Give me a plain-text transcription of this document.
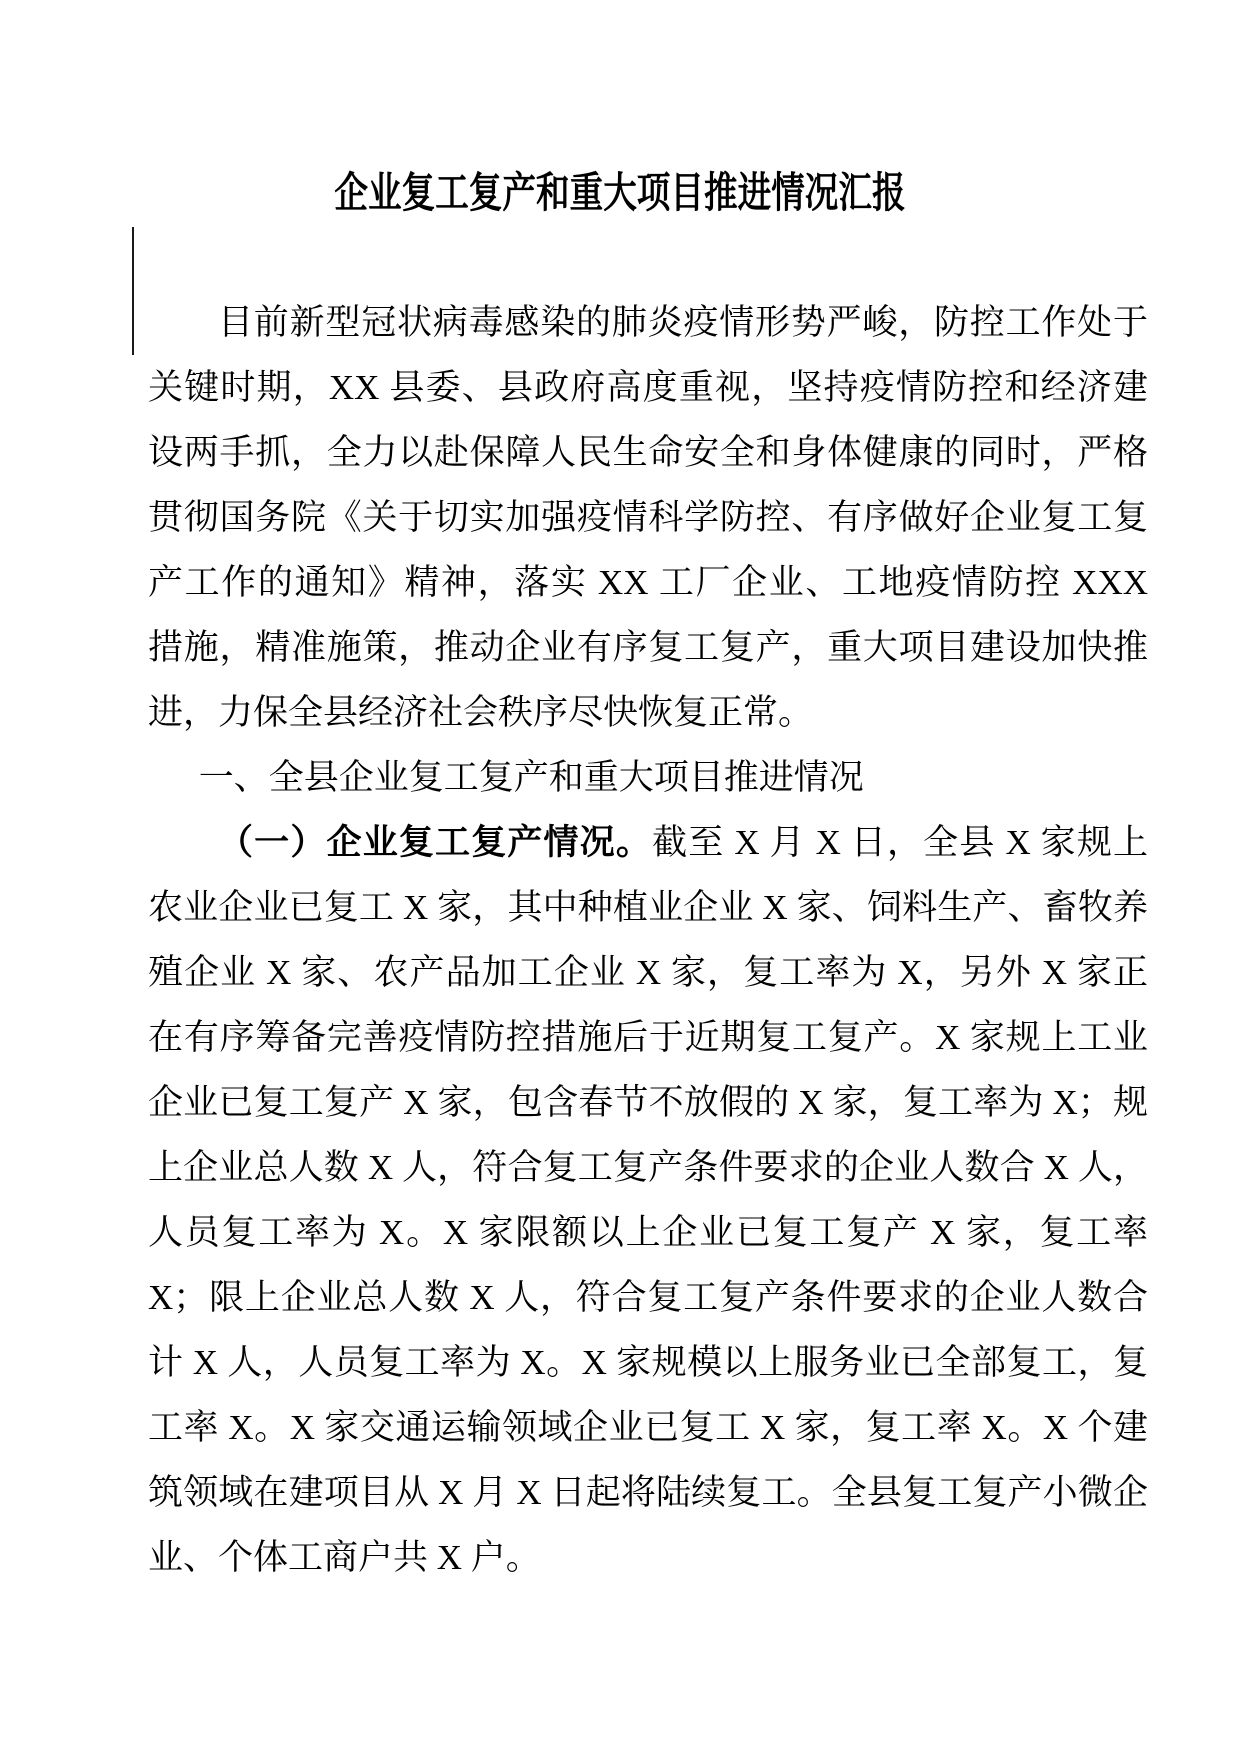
企业复工复产和重大项目推进情况汇报

目前新型冠状病毒感染的肺炎疫情形势严峻，防控工作处于关键时期，XX 县委、县政府高度重视，坚持疫情防控和经济建设两手抓，全力以赴保障人民生命安全和身体健康的同时，严格贯彻国务院《关于切实加强疫情科学防控、有序做好企业复工复产工作的通知》精神，落实 XX 工厂企业、工地疫情防控 XXX 措施，精准施策，推动企业有序复工复产，重大项目建设加快推进，力保全县经济社会秩序尽快恢复正常。

一、全县企业复工复产和重大项目推进情况

（一）企业复工复产情况。截至 X 月 X 日，全县 X 家规上农业企业已复工 X 家，其中种植业企业 X 家、饲料生产、畜牧养殖企业 X 家、农产品加工企业 X 家，复工率为 X，另外 X 家正在有序筹备完善疫情防控措施后于近期复工复产。X 家规上工业企业已复工复产 X 家，包含春节不放假的 X 家，复工率为 X；规上企业总人数 X 人，符合复工复产条件要求的企业人数合 X 人，人员复工率为 X。X 家限额以上企业已复工复产 X 家，复工率 X；限上企业总人数 X 人，符合复工复产条件要求的企业人数合计 X 人，人员复工率为 X。X 家规模以上服务业已全部复工，复工率 X。X 家交通运输领域企业已复工 X 家，复工率 X。X 个建筑领域在建项目从 X 月 X 日起将陆续复工。全县复工复产小微企业、个体工商户共 X 户。
